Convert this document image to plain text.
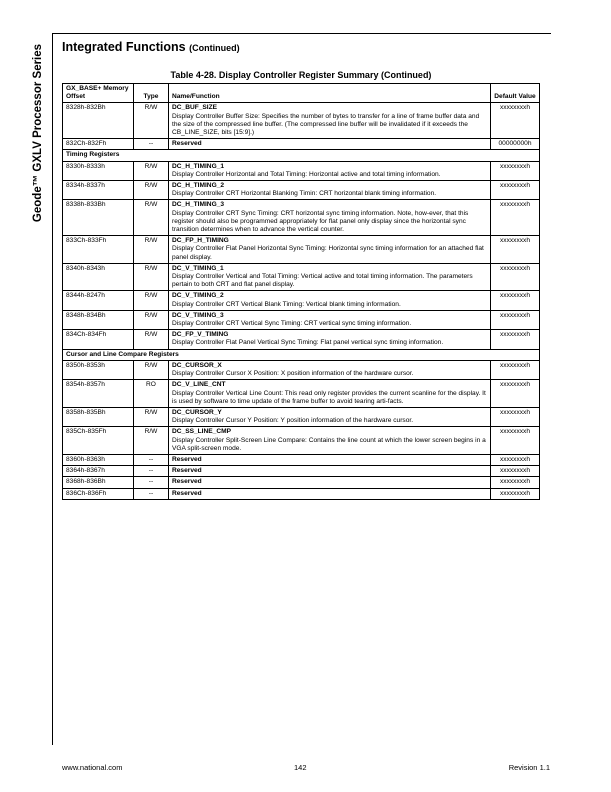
Geode™ GXLV Processor Series Integrated Functions (Continued)
Table 4-28. Display Controller Register Summary (Continued)
GX_BASE+ Memory Offset	Type	Name/Function	Default Value
8328h-832Bh	R/W	DC_BUF_SIZE
Display Controller Buffer Size: Specifies the number of bytes to transfer for a line of frame buffer data and the size of the compressed line buffer. (The compressed line buffer will be invalidated if it exceeds the CB_LINE_SIZE, bits [15:9].)	xxxxxxxxh
832Ch-832Fh	--	Reserved	00000000h
Timing Registers			
8330h-8333h	R/W	DC_H_TIMING_1
Display Controller Horizontal and Total Timing: Horizontal active and total timing information.	xxxxxxxxh
8334h-8337h	R/W	DC_H_TIMING_2
Display Controller CRT Horizontal Blanking Timin: CRT horizontal blank timing information.	xxxxxxxxh
8338h-833Bh	R/W	DC_H_TIMING_3
Display Controller CRT Sync Timing: CRT horizontal sync timing information. Note, how-ever, that this register should also be programmed appropriately for flat panel only display since the horizontal sync transition determines when to advance the vertical counter.	xxxxxxxxh
833Ch-833Fh	R/W	DC_FP_H_TIMING
Display Controller Flat Panel Horizontal Sync Timing: Horizontal sync timing information for an attached flat panel display.	xxxxxxxxh
8340h-8343h	R/W	DC_V_TIMING_1
Display Controller Vertical and Total Timing: Vertical active and total timing information. The parameters pertain to both CRT and flat panel display.	xxxxxxxxh
8344h-8247h	R/W	DC_V_TIMING_2
Display Controller CRT Vertical Blank Timing: Vertical blank timing information.	xxxxxxxxh
8348h-834Bh	R/W	DC_V_TIMING_3
Display Controller CRT Vertical Sync Timing: CRT vertical sync timing information.	xxxxxxxxh
834Ch-834Fh	R/W	DC_FP_V_TIMING
Display Controller Flat Panel Vertical Sync Timing: Flat panel vertical sync timing information.	xxxxxxxxh
Cursor and Line Compare Registers			
8350h-8353h	R/W	DC_CURSOR_X
Display Controller Cursor X Position: X position information of the hardware cursor.	xxxxxxxxh
8354h-8357h	RO	DC_V_LINE_CNT
Display Controller Vertical Line Count: This read only register provides the current scanline for the display. It is used by software to time update of the frame buffer to avoid tearing arti-facts.	xxxxxxxxh
8358h-835Bh	R/W	DC_CURSOR_Y
Display Controller Cursor Y Position: Y position information of the hardware cursor.	xxxxxxxxh
835Ch-835Fh	R/W	DC_SS_LINE_CMP
Display Controller Split-Screen Line Compare: Contains the line count at which the lower screen begins in a VGA split-screen mode.	xxxxxxxxh
8360h-8363h	--	Reserved	xxxxxxxxh
8364h-8367h	--	Reserved	xxxxxxxxh
8368h-836Bh	--	Reserved	xxxxxxxxh
836Ch-836Fh	--	Reserved	xxxxxxxxh
www.national.com	142	Revision 1.1
